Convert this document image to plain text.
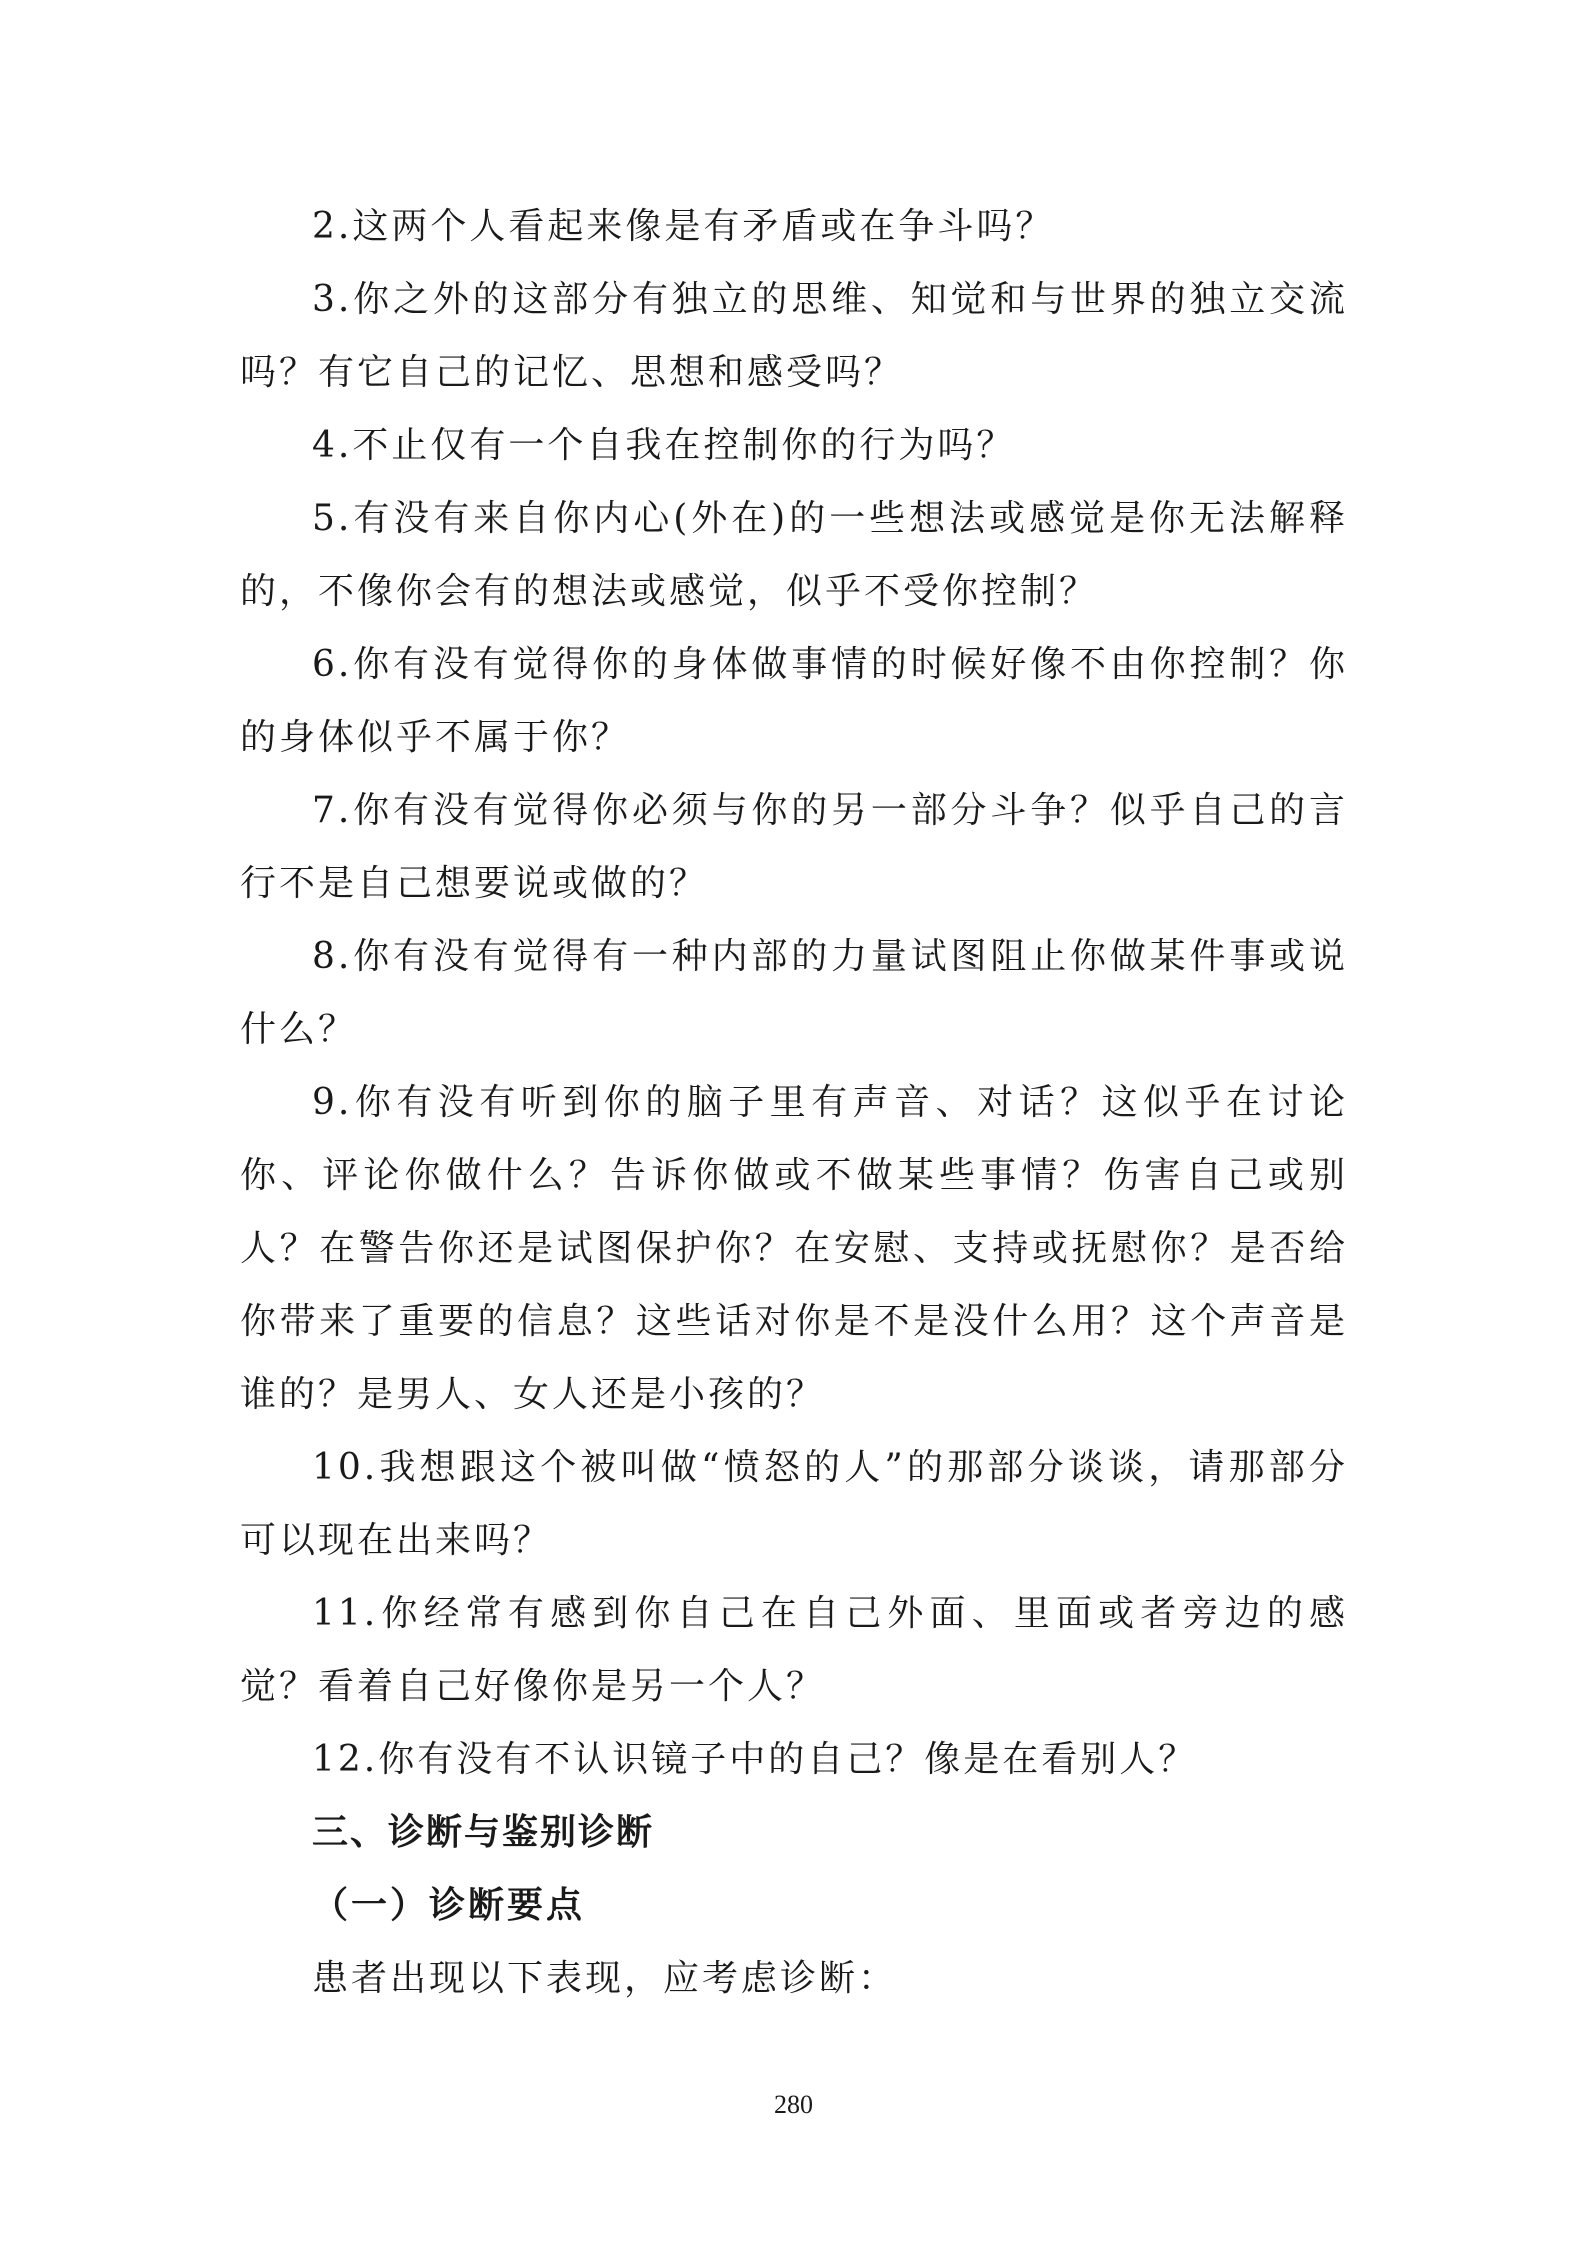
2.这两个人看起来像是有矛盾或在争斗吗？

3.你之外的这部分有独立的思维、知觉和与世界的独立交流吗？有它自己的记忆、思想和感受吗？

4.不止仅有一个自我在控制你的行为吗？

5.有没有来自你内心(外在)的一些想法或感觉是你无法解释的，不像你会有的想法或感觉，似乎不受你控制？

6.你有没有觉得你的身体做事情的时候好像不由你控制？你的身体似乎不属于你？

7.你有没有觉得你必须与你的另一部分斗争？似乎自己的言行不是自己想要说或做的？

8.你有没有觉得有一种内部的力量试图阻止你做某件事或说什么？

9.你有没有听到你的脑子里有声音、对话？这似乎在讨论你、评论你做什么？告诉你做或不做某些事情？伤害自己或别人？在警告你还是试图保护你？在安慰、支持或抚慰你？是否给你带来了重要的信息？这些话对你是不是没什么用？这个声音是谁的？是男人、女人还是小孩的？

10.我想跟这个被叫做“愤怒的人”的那部分谈谈，请那部分可以现在出来吗？

11.你经常有感到你自己在自己外面、里面或者旁边的感觉？看着自己好像你是另一个人？

12.你有没有不认识镜子中的自己？像是在看别人？

三、诊断与鉴别诊断
（一）诊断要点

患者出现以下表现，应考虑诊断：

280
